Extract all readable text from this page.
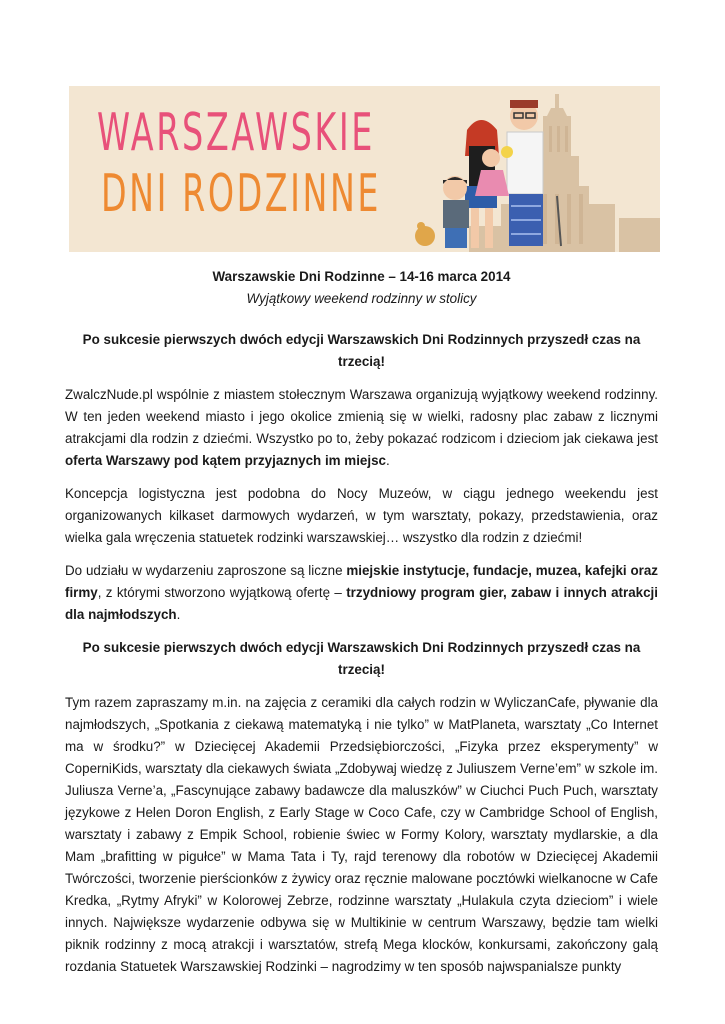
WARSZAWSKIE
DNI RODZINNE

Warszawskie Dni Rodzinne – 14-16 marca 2014

Wyjątkowy weekend rodzinny w stolicy

Po sukcesie pierwszych dwóch edycji Warszawskich Dni Rodzinnych przyszedł czas na trzecią!

ZwalczNude.pl wspólnie z miastem stołecznym Warszawa organizują wyjątkowy weekend rodzinny. W ten jeden weekend miasto i jego okolice zmienią się w wielki, radosny plac zabaw z licznymi atrakcjami dla rodzin z dziećmi. Wszystko po to, żeby pokazać rodzicom i dzieciom jak ciekawa jest oferta Warszawy pod kątem przyjaznych im miejsc.

Koncepcja logistyczna jest podobna do Nocy Muzeów, w ciągu jednego weekendu jest organizowanych kilkaset darmowych wydarzeń, w tym warsztaty, pokazy, przedstawienia, oraz wielka gala wręczenia statuetek rodzinki warszawskiej… wszystko dla rodzin z dziećmi!

Do udziału w wydarzeniu zaproszone są liczne miejskie instytucje, fundacje, muzea, kafejki oraz firmy, z którymi stworzono wyjątkową ofertę – trzydniowy program gier, zabaw i innych atrakcji dla najmłodszych.

Po sukcesie pierwszych dwóch edycji Warszawskich Dni Rodzinnych przyszedł czas na trzecią!

Tym razem zapraszamy m.in. na zajęcia z ceramiki dla całych rodzin w WyliczanCafe, pływanie dla najmłodszych, „Spotkania z ciekawą matematyką i nie tylko” w MatPlaneta, warsztaty „Co Internet ma w środku?” w Dziecięcej Akademii Przedsiębiorczości, „Fizyka przez eksperymenty” w CoperniKids, warsztaty dla ciekawych świata „Zdobywaj wiedzę z Juliuszem Verne’em” w szkole im. Juliusza Verne’a, „Fascynujące zabawy badawcze dla maluszków” w Ciuchci Puch Puch, warsztaty językowe z Helen Doron English, z Early Stage w Coco Cafe, czy w Cambridge School of English, warsztaty i zabawy z Empik School, robienie świec w Formy Kolory, warsztaty mydlarskie, a dla Mam „brafitting w pigułce” w Mama Tata i Ty, rajd terenowy dla robotów w Dziecięcej Akademii Twórczości, tworzenie pierścionków z żywicy oraz ręcznie malowane pocztówki wielkanocne w Cafe Kredka, „Rytmy Afryki” w Kolorowej Zebrze, rodzinne warsztaty „Hulakula czyta dzieciom” i wiele innych. Największe wydarzenie odbywa się w Multikinie w centrum Warszawy, będzie tam wielki piknik rodzinny z mocą atrakcji i warsztatów, strefą Mega klocków, konkursami, zakończony galą rozdania Statuetek Warszawskiej Rodzinki – nagrodzimy w ten sposób najwspanialsze punkty
